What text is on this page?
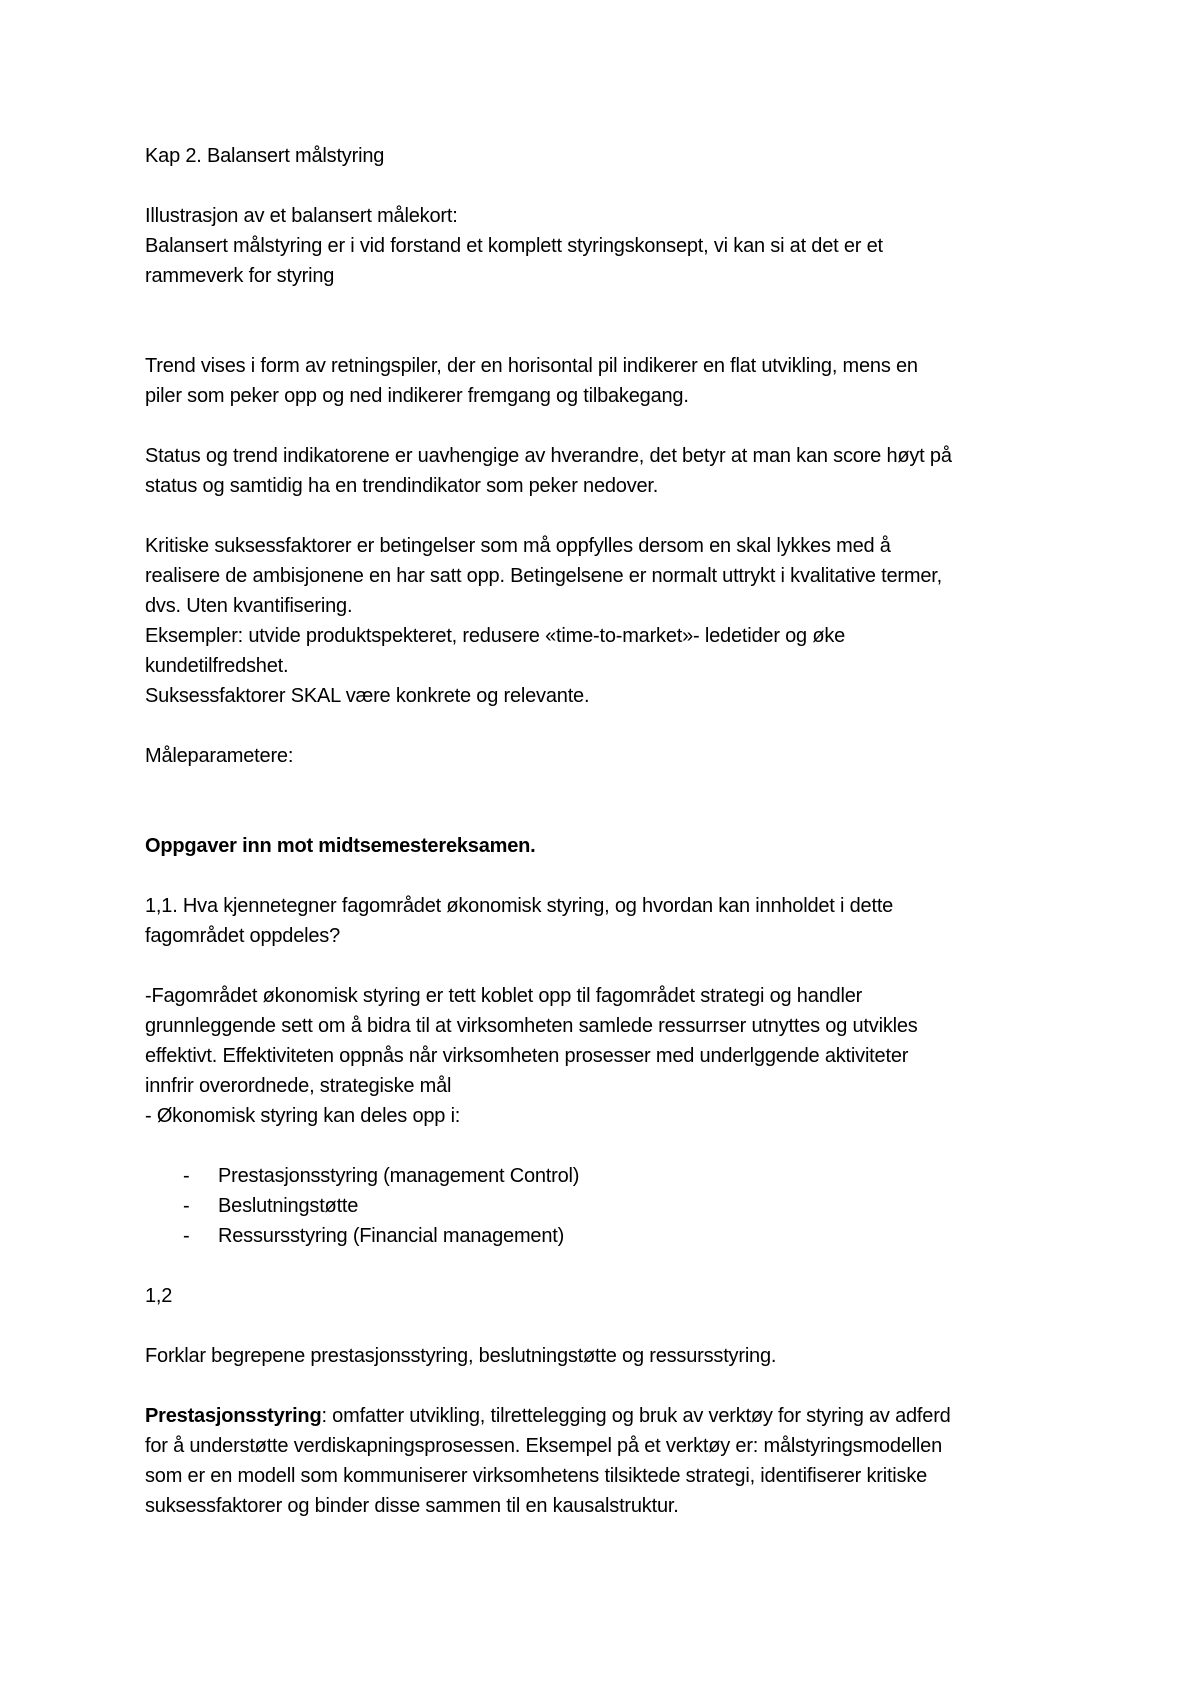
Kap 2. Balansert målstyring

Illustrasjon av et balansert målekort:
Balansert målstyring er i vid forstand et komplett styringskonsept, vi kan si at det er et
rammeverk for styring

Trend vises i form av retningspiler, der en horisontal pil indikerer en flat utvikling, mens en
piler som peker opp og ned indikerer fremgang og tilbakegang.

Status og trend indikatorene er uavhengige av hverandre, det betyr at man kan score høyt på
status og samtidig ha en trendindikator som peker nedover.

Kritiske suksessfaktorer er betingelser som må oppfylles dersom en skal lykkes med å
realisere de ambisjonene en har satt opp. Betingelsene er normalt uttrykt i kvalitative termer,
dvs. Uten kvantifisering.
Eksempler: utvide produktspekteret, redusere «time-to-market»- ledetider og øke
kundetilfredshet.
Suksessfaktorer SKAL være konkrete og relevante.

Måleparametere:

Oppgaver inn mot midtsemestereksamen.

1,1. Hva kjennetegner fagområdet økonomisk styring, og hvordan kan innholdet i dette
fagområdet oppdeles?

-Fagområdet økonomisk styring er tett koblet opp til fagområdet strategi og handler
grunnleggende sett om å bidra til at virksomheten samlede ressurrser utnyttes og utvikles
effektivt. Effektiviteten oppnås når virksomheten prosesser med underlggende aktiviteter
innfrir overordnede, strategiske mål
- Økonomisk styring kan deles opp i:

- Prestasjonsstyring (management Control)
- Beslutningstøtte
- Ressursstyring (Financial management)

1,2

Forklar begrepene prestasjonsstyring, beslutningstøtte og ressursstyring.

Prestasjonsstyring: omfatter utvikling, tilrettelegging og bruk av verktøy for styring av adferd
for å understøtte verdiskapningsprosessen. Eksempel på et verktøy er: målstyringsmodellen
som er en modell som kommuniserer virksomhetens tilsiktede strategi, identifiserer kritiske
suksessfaktorer og binder disse sammen til en kausalstruktur.
